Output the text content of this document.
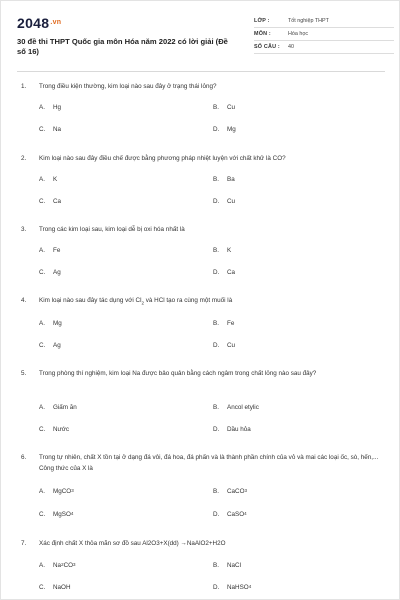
2048.vn
30 đề thi THPT Quốc gia môn Hóa năm 2022 có lời giải (Đề số 16)
LỚP :	Tốt nghiệp THPT
MÔN :	Hóa học
SỐ CÂU :	40
1.	Trong điều kiện thường, kim loại nào sau đây ở trạng thái lỏng?
A.	Hg	B.	Cu
C.	Na	D.	Mg
2.	Kim loại nào sau đây điều chế được bằng phương pháp nhiệt luyện với chất khử là CO?
A.	K	B.	Ba
C.	Ca	D.	Cu
3.	Trong các kim loại sau, kim loại dễ bị oxi hóa nhất là
A.	Fe	B.	K
C.	Ag	D.	Ca
4.	Kim loại nào sau đây tác dụng với $Cl_2$ và HCl tạo ra cùng một muối là
A.	Mg	B.	Fe
C.	Ag	D.	Cu
5.	Trong phòng thí nghiệm, kim loại Na được bảo quản bằng cách ngâm trong chất lỏng nào sau đây?
A.	Giấm ăn	B.	Ancol etylic
C.	Nước	D.	Dầu hỏa
6.	Trong tự nhiên, chất X tồn tại ở dạng đá vôi, đá hoa, đá phấn và là thành phần chính của vỏ và mai các loại ốc, sò, hến,... Công thức của X là
A.	MgCO 3	B.	CaCO 3
C.	MgSO 4	D.	CaSO 4
7.	Xác định chất X thỏa mãn sơ đồ sau Al2O3+X(dd) →NaAlO2+H2O
A.	Na 2 CO 3	B.	NaCl
C.	NaOH	D.	NaHSO 4
